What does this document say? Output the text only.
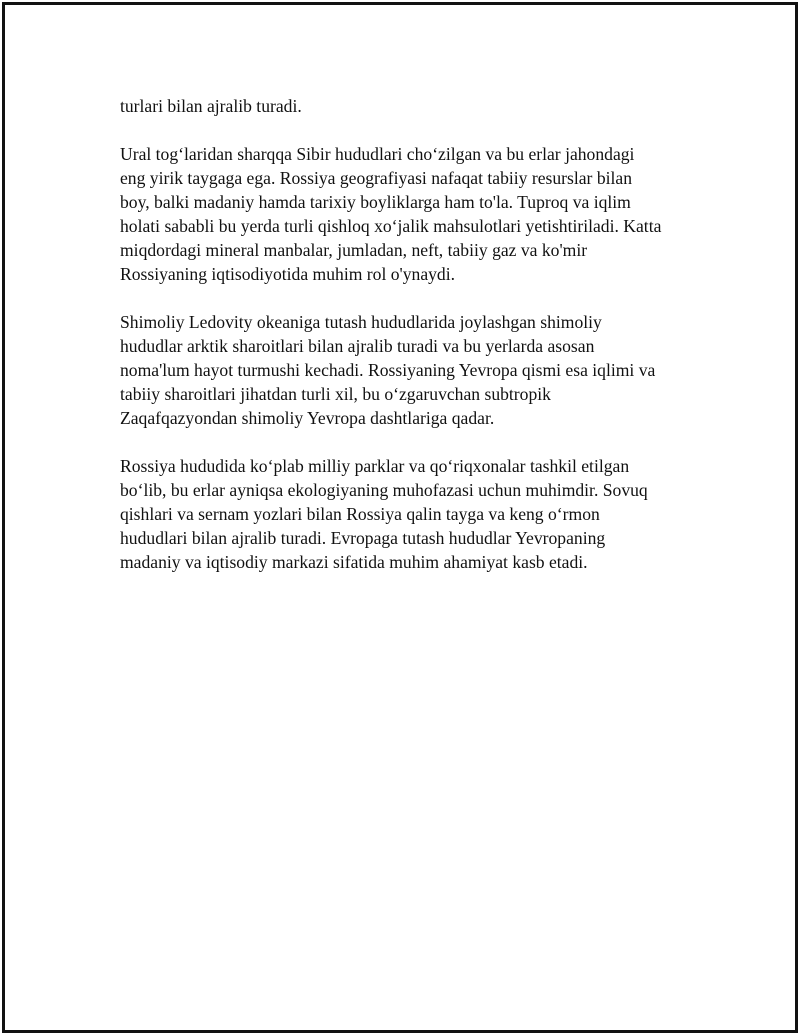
turlari bilan ajralib turadi.

Ural tog‘laridan sharqqa Sibir hududlari cho‘zilgan va bu erlar jahondagi
eng yirik taygaga ega. Rossiya geografiyasi nafaqat tabiiy resurslar bilan
boy, balki madaniy hamda tarixiy boyliklarga ham to'la. Tuproq va iqlim
holati sababli bu yerda turli qishloq xo‘jalik mahsulotlari yetishtiriladi. Katta
miqdordagi mineral manbalar, jumladan, neft, tabiiy gaz va ko'mir
Rossiyaning iqtisodiyotida muhim rol o'ynaydi.

Shimoliy Ledovity okeaniga tutash hududlarida joylashgan shimoliy
hududlar arktik sharoitlari bilan ajralib turadi va bu yerlarda asosan
noma'lum hayot turmushi kechadi. Rossiyaning Yevropa qismi esa iqlimi va
tabiiy sharoitlari jihatdan turli xil, bu o‘zgaruvchan subtropik
Zaqafqazyondan shimoliy Yevropa dashtlariga qadar.

Rossiya hududida ko‘plab milliy parklar va qo‘riqxonalar tashkil etilgan
bo‘lib, bu erlar ayniqsa ekologiyaning muhofazasi uchun muhimdir. Sovuq
qishlari va sernam yozlari bilan Rossiya qalin tayga va keng o‘rmon
hududlari bilan ajralib turadi. Evropaga tutash hududlar Yevropaning
madaniy va iqtisodiy markazi sifatida muhim ahamiyat kasb etadi.
